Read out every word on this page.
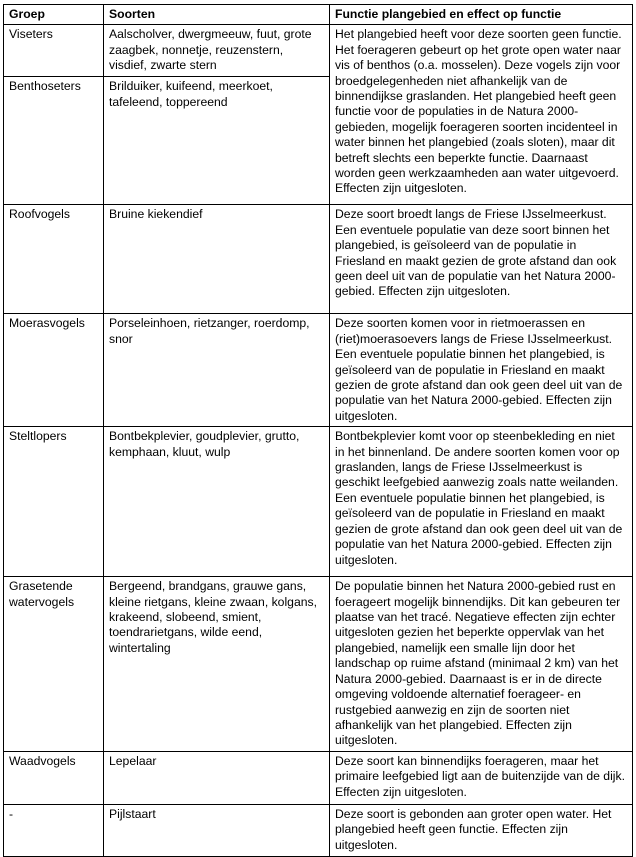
Groep	Soorten	Functie plangebied en effect op functie
Viseters	Aalscholver, dwergmeeuw, fuut, grote zaagbek, nonnetje, reuzenstern, visdief, zwarte stern	Het plangebied heeft voor deze soorten geen functie. Het foerageren gebeurt op het grote open water naar vis of benthos (o.a. mosselen). Deze vogels zijn voor broedgelegenheden niet afhankelijk van de binnendijkse graslanden. Het plangebied heeft geen functie voor de populaties in de Natura 2000-gebieden, mogelijk foerageren soorten incidenteel in water binnen het plangebied (zoals sloten), maar dit betreft slechts een beperkte functie. Daarnaast worden geen werkzaamheden aan water uitgevoerd. Effecten zijn uitgesloten.
Benthoseters	Brilduiker, kuifeend, meerkoet, tafeleend, toppereend	
Roofvogels	Bruine kiekendief	Deze soort broedt langs de Friese IJsselmeerkust. Een eventuele populatie van deze soort binnen het plangebied, is geïsoleerd van de populatie in Friesland en maakt gezien de grote afstand dan ook geen deel uit van de populatie van het Natura 2000-gebied. Effecten zijn uitgesloten.
Moerasvogels	Porseleinhoen, rietzanger, roerdomp, snor	Deze soorten komen voor in rietmoerassen en (riet)moerasoevers langs de Friese IJsselmeerkust. Een eventuele populatie binnen het plangebied, is geïsoleerd van de populatie in Friesland en maakt gezien de grote afstand dan ook geen deel uit van de populatie van het Natura 2000-gebied. Effecten zijn uitgesloten.
Steltlopers	Bontbekplevier, goudplevier, grutto, kemphaan, kluut, wulp	Bontbekplevier komt voor op steenbekleding en niet in het binnenland. De andere soorten komen voor op graslanden, langs de Friese IJsselmeerkust is geschikt leefgebied aanwezig zoals natte weilanden. Een eventuele populatie binnen het plangebied, is geïsoleerd van de populatie in Friesland en maakt gezien de grote afstand dan ook geen deel uit van de populatie van het Natura 2000-gebied. Effecten zijn uitgesloten.
Grasetende watervogels	Bergeend, brandgans, grauwe gans, kleine rietgans, kleine zwaan, kolgans, krakeend, slobeend, smient, toendrarietgans, wilde eend, wintertaling	De populatie binnen het Natura 2000-gebied rust en foerageert mogelijk binnendijks. Dit kan gebeuren ter plaatse van het tracé. Negatieve effecten zijn echter uitgesloten gezien het beperkte oppervlak van het plangebied, namelijk een smalle lijn door het landschap op ruime afstand (minimaal 2 km) van het Natura 2000-gebied. Daarnaast is er in de directe omgeving voldoende alternatief foerageer- en rustgebied aanwezig en zijn de soorten niet afhankelijk van het plangebied. Effecten zijn uitgesloten.
Waadvogels	Lepelaar	Deze soort kan binnendijks foerageren, maar het primaire leefgebied ligt aan de buitenzijde van de dijk. Effecten zijn uitgesloten.
-	Pijlstaart	Deze soort is gebonden aan groter open water. Het plangebied heeft geen functie. Effecten zijn uitgesloten.
